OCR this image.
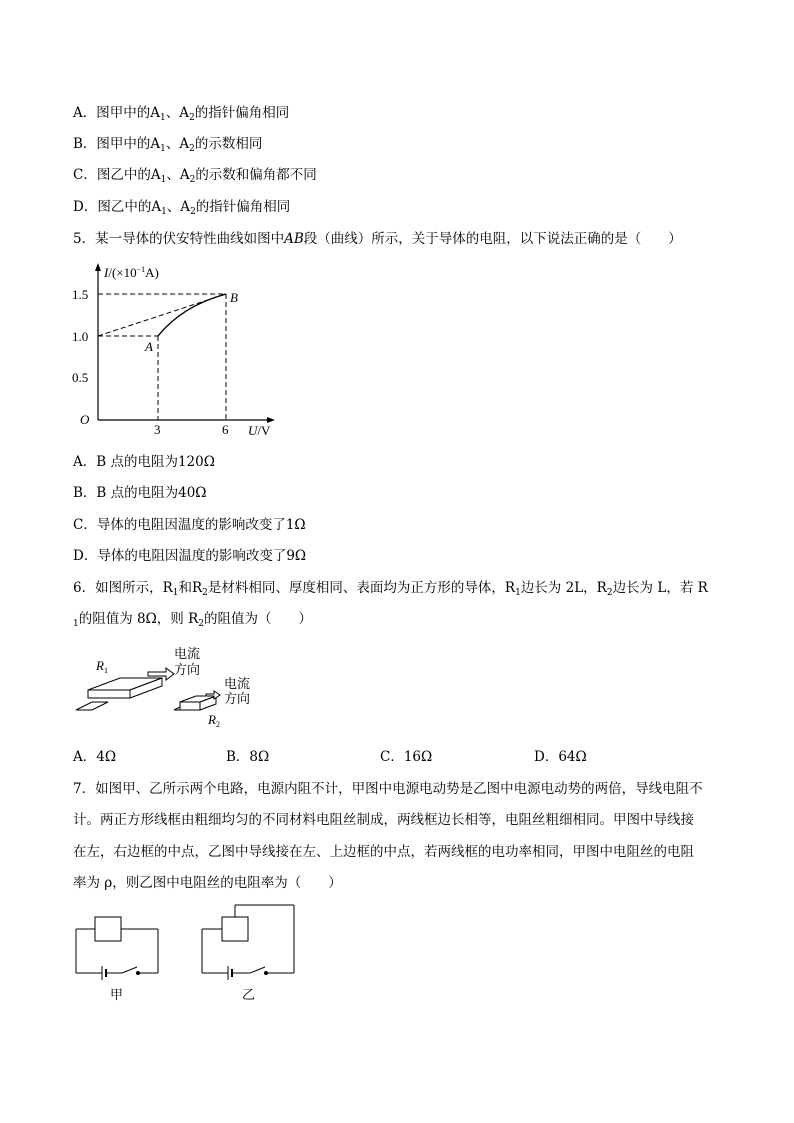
A．图甲中的$A_1$、$A_2$的指针偏角相同
B．图甲中的$A_1$、$A_2$的示数相同
C．图乙中的$A_1$、$A_2$的示数和偏角都不同
D．图乙中的$A_1$、$A_2$的指针偏角相同
5．某一导体的伏安特性曲线如图中AB段（曲线）所示，关于导体的电阻，以下说法正确的是（　　）
$I/(\times 10^{-1}A)$
1.5
1.0
0.5
O
3	6 U/V
A
B
A．B 点的电阻为120Ω
B．B 点的电阻为40Ω
C．导体的电阻因温度的影响改变了1Ω
D．导体的电阻因温度的影响改变了9Ω
6．如图所示，$R_1$和$R_2$是材料相同、厚度相同、表面均为正方形的导体，$R_1$边长为 2L，$R_2$边长为 L，若 R
$_1$的阻值为 8Ω，则 $R_2$的阻值为（　　）
$R_1$
电流
方向
电流
方向
$R_2$
A．4Ω	B．8Ω	C．16Ω	D．64Ω
7．如图甲、乙所示两个电路，电源内阻不计，甲图中电源电动势是乙图中电源电动势的两倍，导线电阻不
计。两正方形线框由粗细均匀的不同材料电阻丝制成，两线框边长相等，电阻丝粗细相同。甲图中导线接
在左，右边框的中点，乙图中导线接在左、上边框的中点，若两线框的电功率相同，甲图中电阻丝的电阻
率为 ρ，则乙图中电阻丝的电阻率为（　　）
甲	乙
